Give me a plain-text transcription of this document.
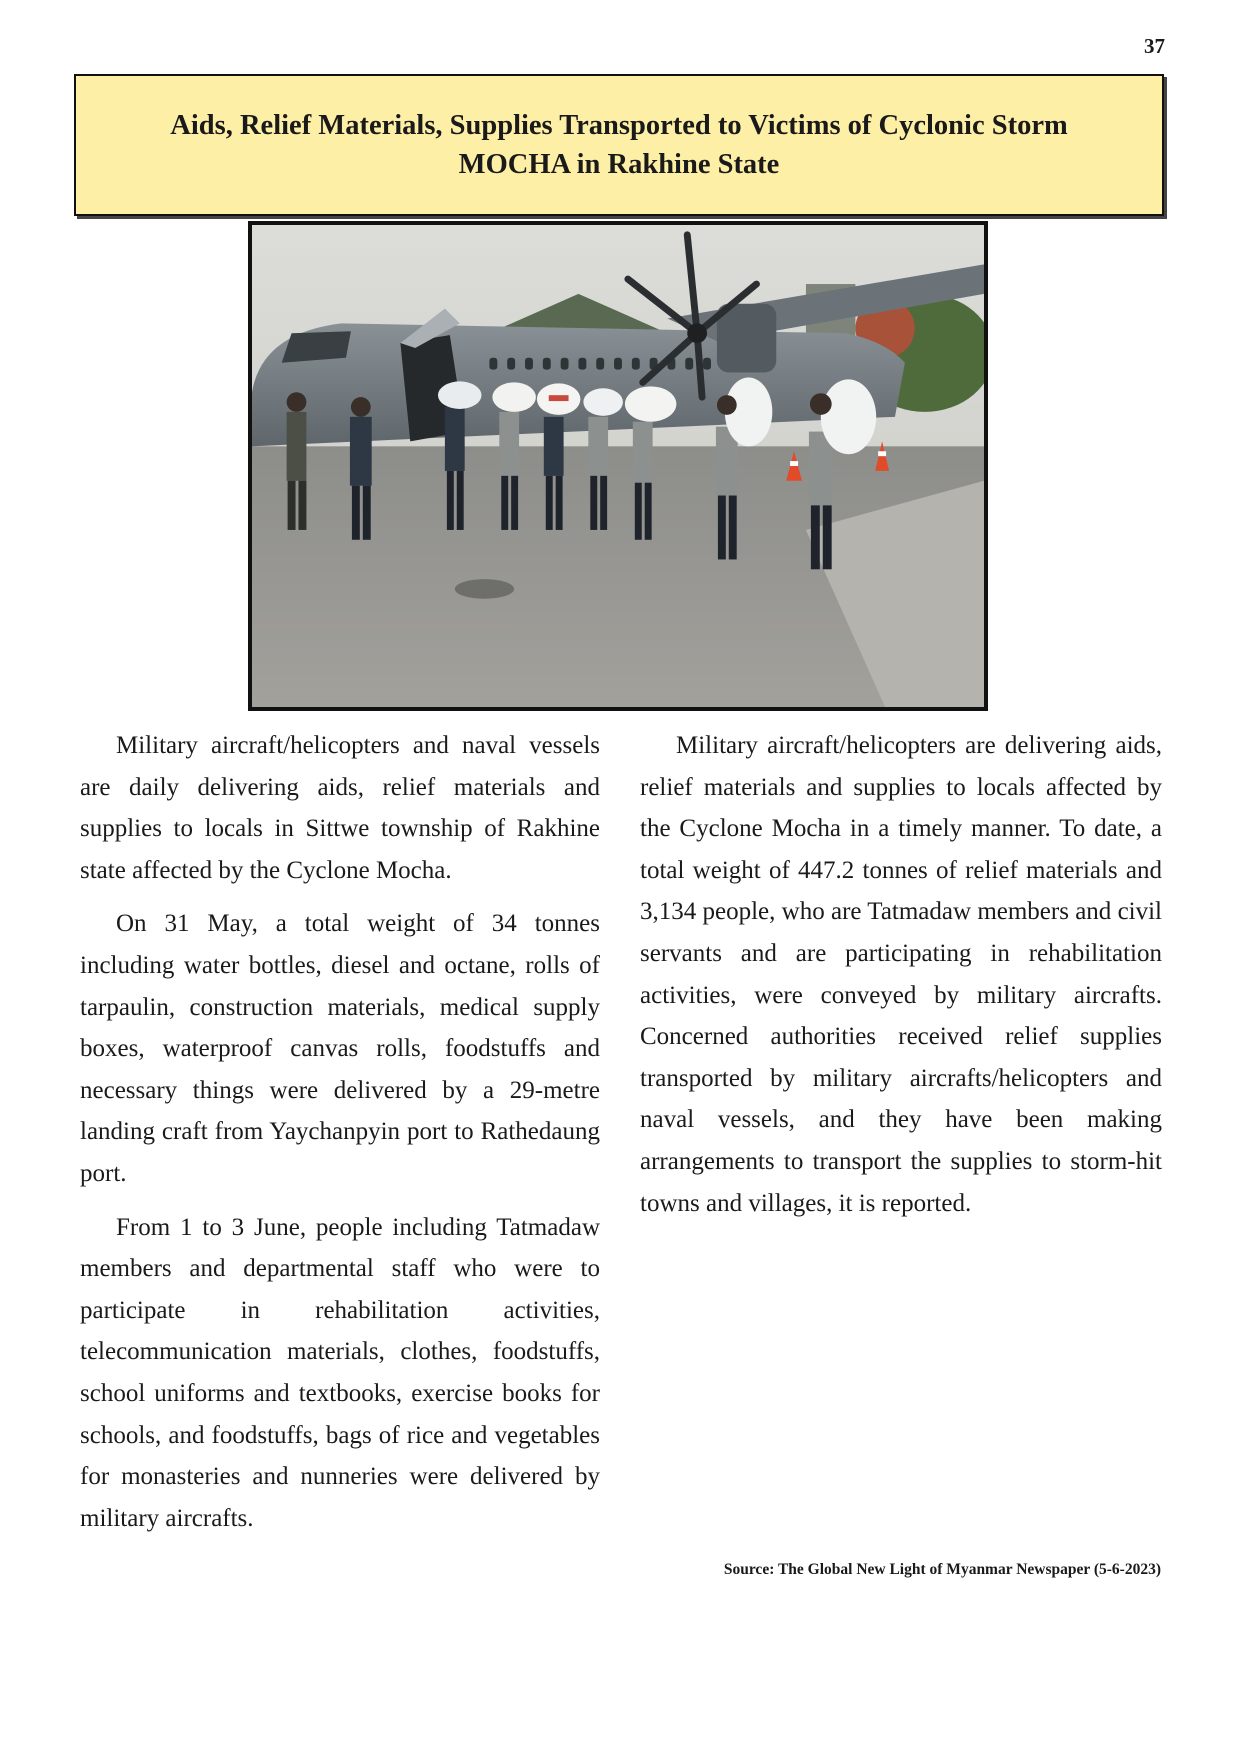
37
Aids, Relief Materials, Supplies Transported to Victims of Cyclonic Storm
MOCHA in Rakhine State

Military aircraft/helicopters and naval vessels are daily delivering aids, relief materials and supplies to locals in Sittwe township of Rakhine state affected by the Cyclone Mocha.

On 31 May, a total weight of 34 tonnes including water bottles, diesel and octane, rolls of tarpaulin, construction materials, medical supply boxes, waterproof canvas rolls, foodstuffs and necessary things were delivered by a 29-metre landing craft from Yaychanpyin port to Rathedaung port.

From 1 to 3 June, people including Tatmadaw members and departmental staff who were to participate in rehabilitation activities, telecommunication materials, clothes, foodstuffs, school uniforms and textbooks, exercise books for schools, and foodstuffs, bags of rice and vegetables for monasteries and nunneries were delivered by military aircrafts.

Military aircraft/helicopters are delivering aids, relief materials and supplies to locals affected by the Cyclone Mocha in a timely manner. To date, a total weight of 447.2 tonnes of relief materials and 3,134 people, who are Tatmadaw members and civil servants and are participating in rehabilitation activities, were conveyed by military aircrafts. Concerned authorities received relief supplies transported by military aircrafts/helicopters and naval vessels, and they have been making arrangements to transport the supplies to storm-hit towns and villages, it is reported.

Source: The Global New Light of Myanmar Newspaper (5-6-2023)
